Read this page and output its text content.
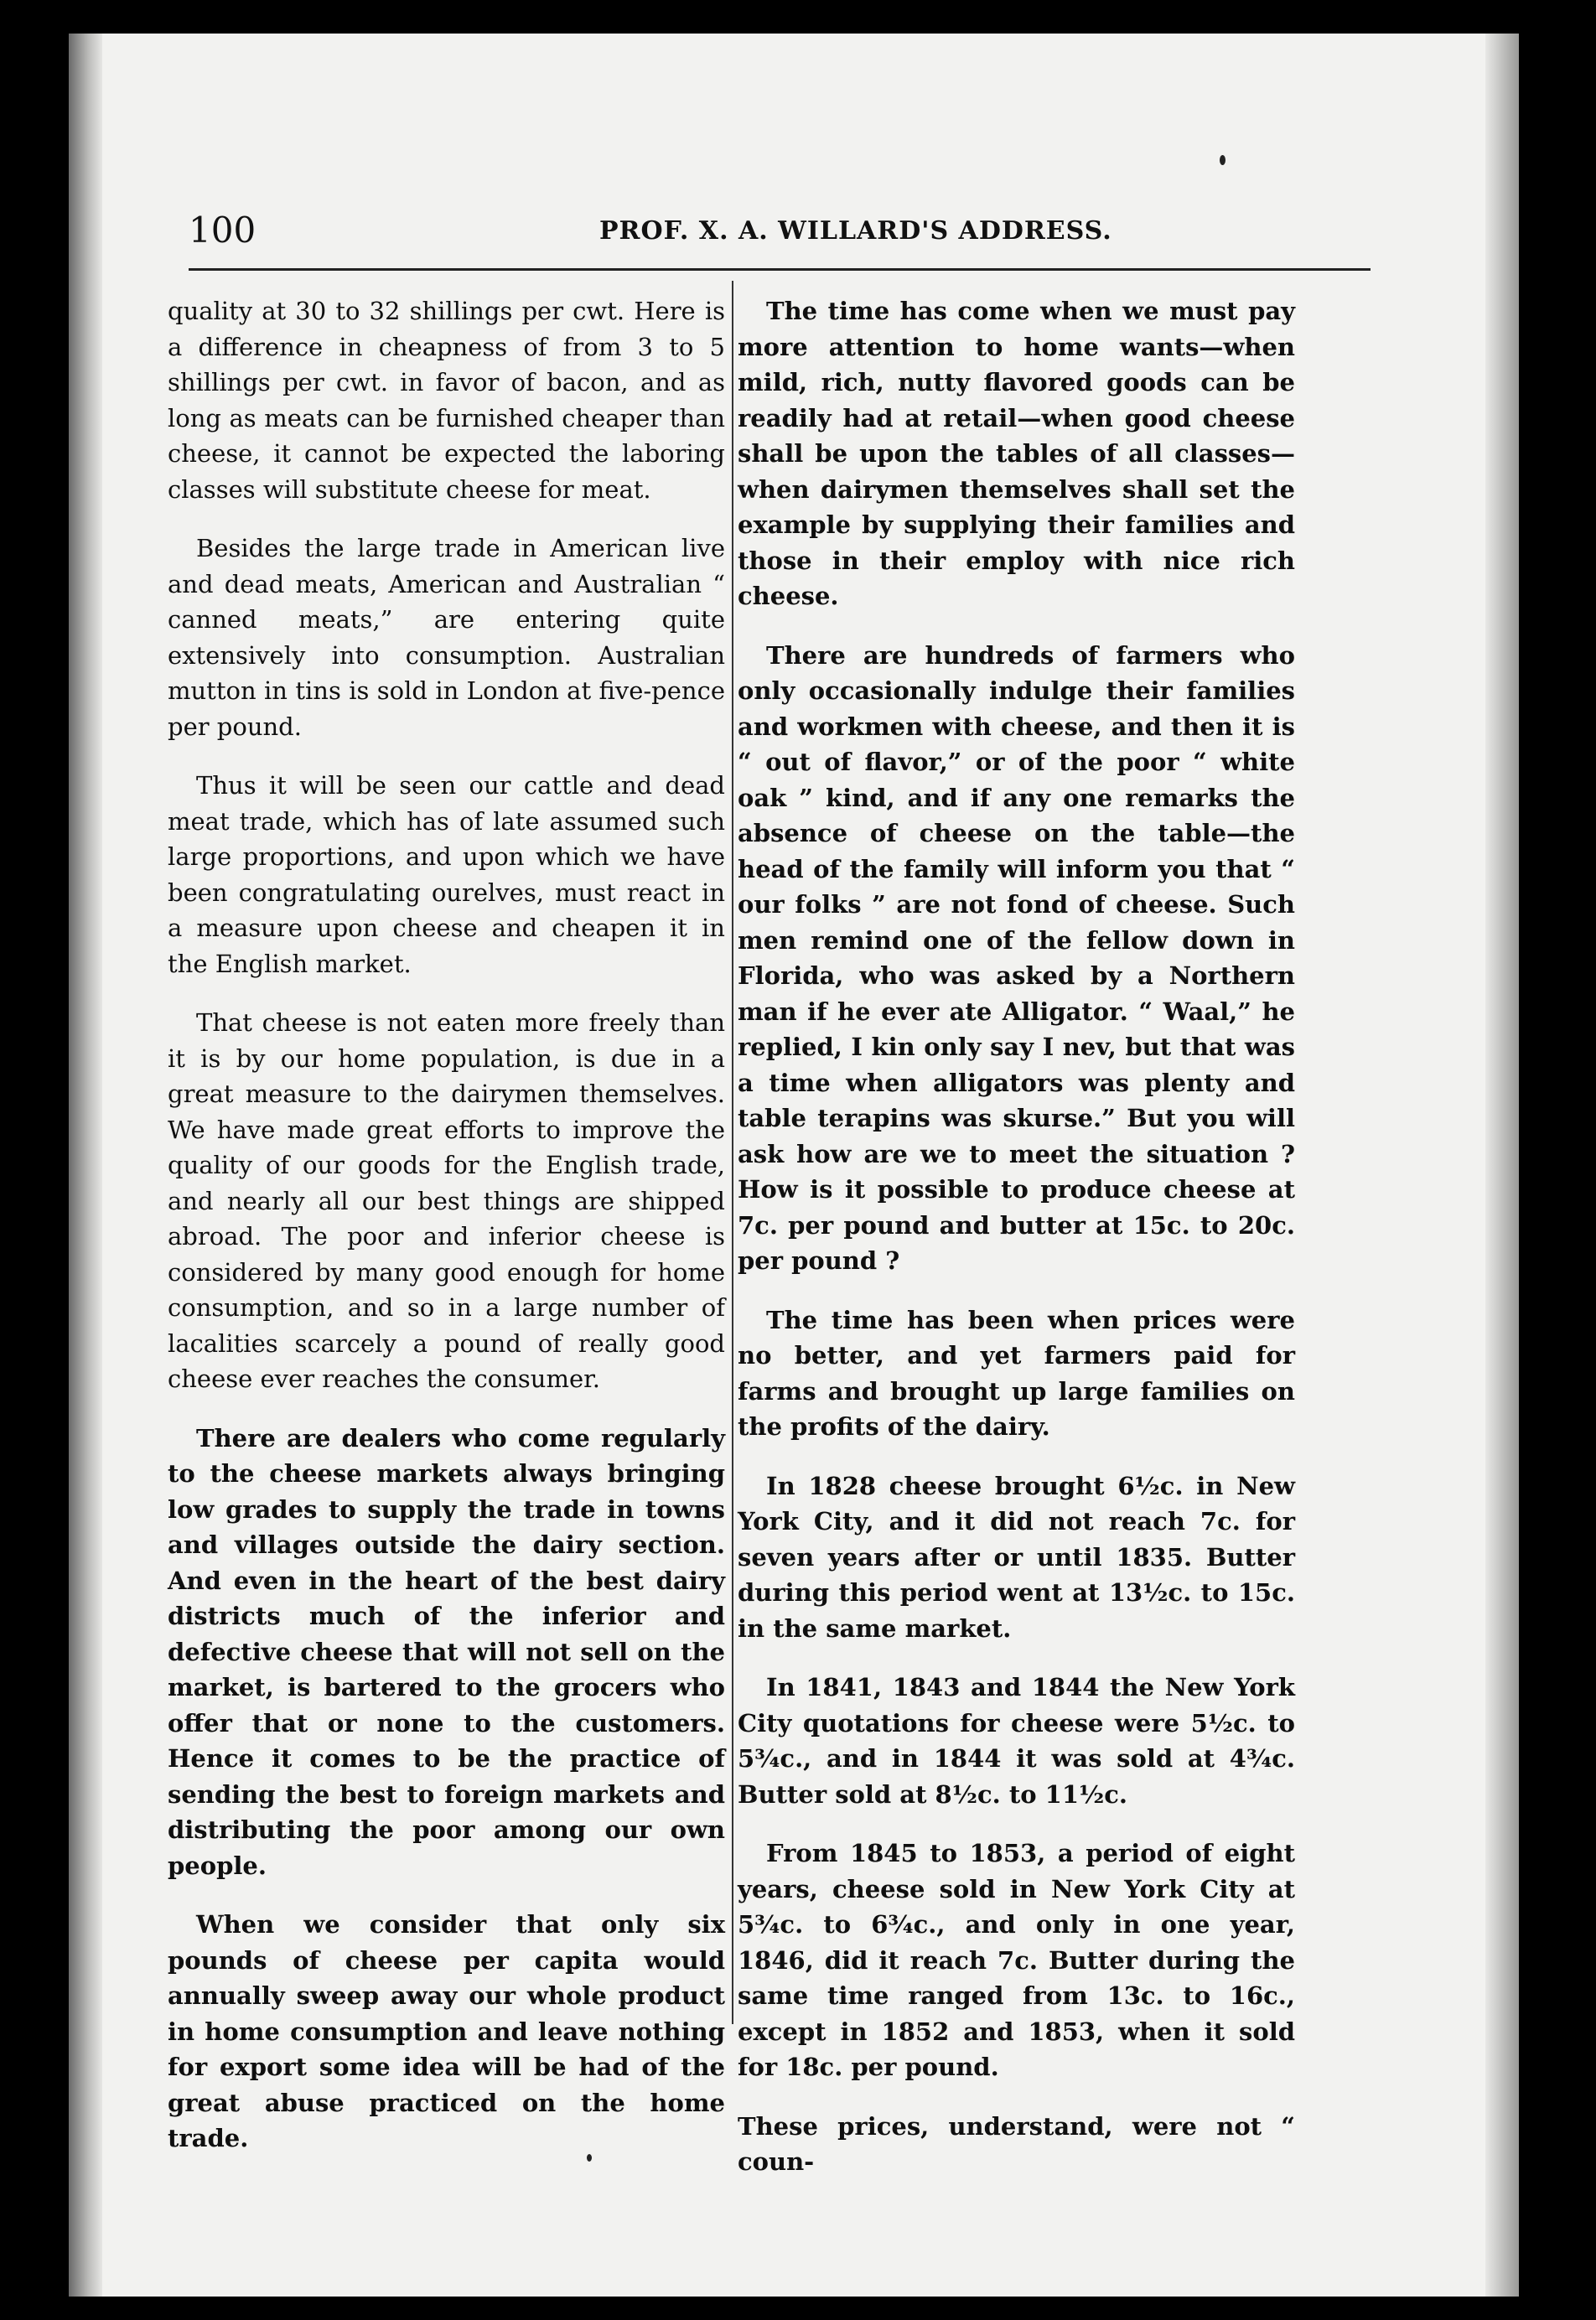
100	PROF. X. A. WILLARD'S ADDRESS.

quality at 30 to 32 shillings per cwt. Here is a difference in cheapness of from 3 to 5 shillings per cwt. in favor of bacon, and as long as meats can be furnished cheaper than cheese, it cannot be expected the laboring classes will substitute cheese for meat.

Besides the large trade in American live and dead meats, American and Australian “ canned meats,” are entering quite extensively into consumption. Australian mutton in tins is sold in London at five-pence per pound.

Thus it will be seen our cattle and dead meat trade, which has of late assumed such large proportions, and upon which we have been congratulating ourelves, must react in a measure upon cheese and cheapen it in the English market.

That cheese is not eaten more freely than it is by our home population, is due in a great measure to the dairymen themselves. We have made great efforts to improve the quality of our goods for the English trade, and nearly all our best things are shipped abroad. The poor and inferior cheese is considered by many good enough for home consumption, and so in a large number of lacalities scarcely a pound of really good cheese ever reaches the consumer.

There are dealers who come regularly to the cheese markets always bringing low grades to supply the trade in towns and villages outside the dairy section. And even in the heart of the best dairy districts much of the inferior and defective cheese that will not sell on the market, is bartered to the grocers who offer that or none to the customers. Hence it comes to be the practice of sending the best to foreign markets and distributing the poor among our own people.

When we consider that only six pounds of cheese per capita would annually sweep away our whole product in home consumption and leave nothing for export some idea will be had of the great abuse practiced on the home trade.

The time has come when we must pay more attention to home wants—when mild, rich, nutty flavored goods can be readily had at retail—when good cheese shall be upon the tables of all classes—when dairymen themselves shall set the example by supplying their families and those in their employ with nice rich cheese.

There are hundreds of farmers who only occasionally indulge their families and workmen with cheese, and then it is “ out of flavor,” or of the poor “ white oak ” kind, and if any one remarks the absence of cheese on the table—the head of the family will inform you that “ our folks ” are not fond of cheese. Such men remind one of the fellow down in Florida, who was asked by a Northern man if he ever ate Alligator. “ Waal,” he replied, I kin only say I nev, but that was a time when alligators was plenty and table terapins was skurse.” But you will ask how are we to meet the situation ? How is it possible to produce cheese at 7c. per pound and butter at 15c. to 20c. per pound ?

The time has been when prices were no better, and yet farmers paid for farms and brought up large families on the profits of the dairy.

In 1828 cheese brought 6½c. in New York City, and it did not reach 7c. for seven years after or until 1835. Butter during this period went at 13½c. to 15c. in the same market.

In 1841, 1843 and 1844 the New York City quotations for cheese were 5½c. to 5¾c., and in 1844 it was sold at 4¾c. Butter sold at 8½c. to 11½c.

From 1845 to 1853, a period of eight years, cheese sold in New York City at 5¾c. to 6¾c., and only in one year, 1846, did it reach 7c. Butter during the same time ranged from 13c. to 16c., except in 1852 and 1853, when it sold for 18c. per pound.

These prices, understand, were not “ coun-
